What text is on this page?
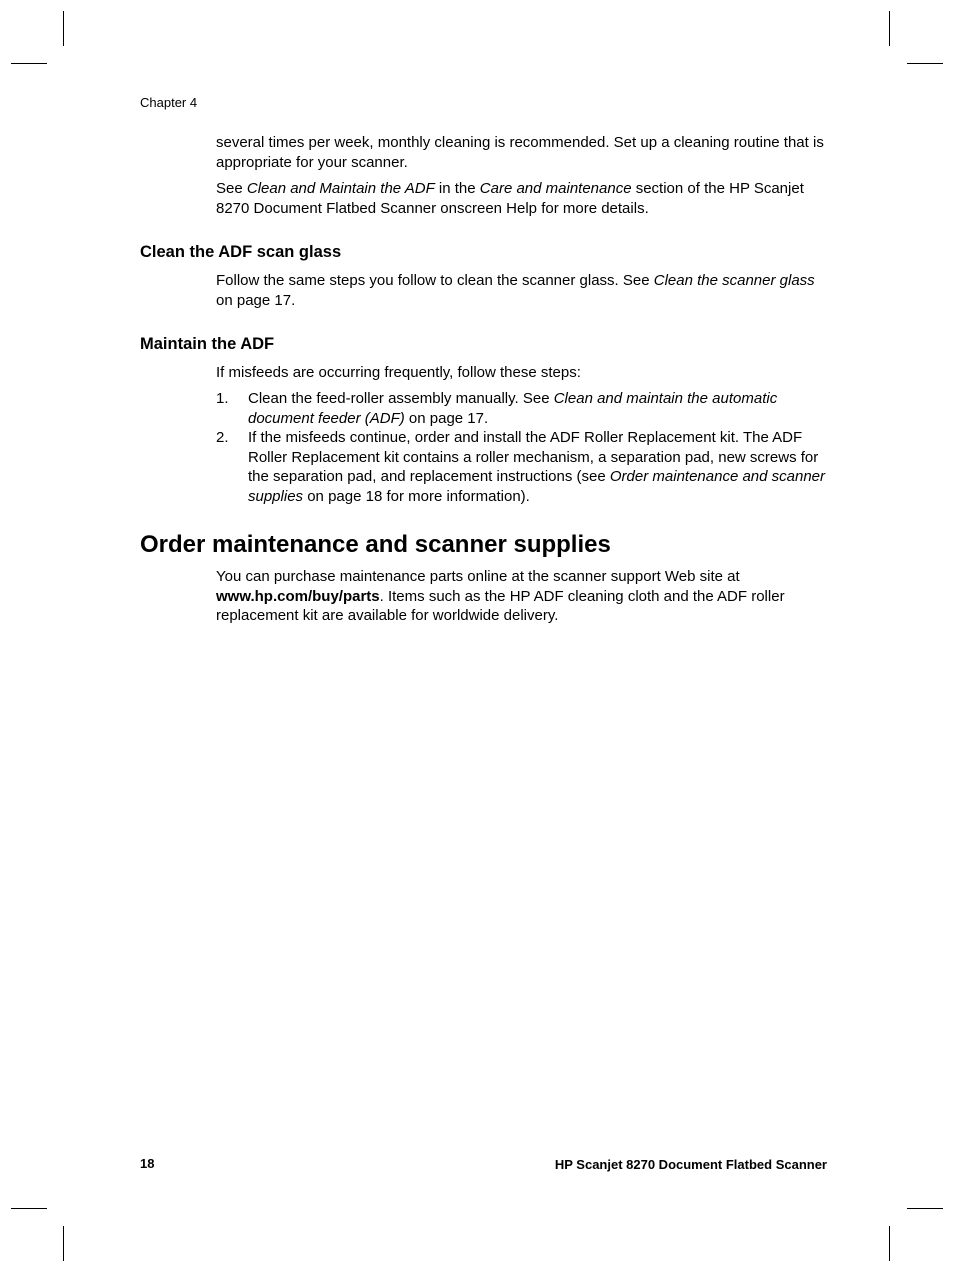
Chapter 4

several times per week, monthly cleaning is recommended. Set up a cleaning routine that is appropriate for your scanner.

See Clean and Maintain the ADF in the Care and maintenance section of the HP Scanjet 8270 Document Flatbed Scanner onscreen Help for more details.

Clean the ADF scan glass

Follow the same steps you follow to clean the scanner glass. See Clean the scanner glass on page 17.

Maintain the ADF

If misfeeds are occurring frequently, follow these steps:

1. Clean the feed-roller assembly manually. See Clean and maintain the automatic document feeder (ADF) on page 17.
2. If the misfeeds continue, order and install the ADF Roller Replacement kit. The ADF Roller Replacement kit contains a roller mechanism, a separation pad, new screws for the separation pad, and replacement instructions (see Order maintenance and scanner supplies on page 18 for more information).
Order maintenance and scanner supplies

You can purchase maintenance parts online at the scanner support Web site at www.hp.com/buy/parts. Items such as the HP ADF cleaning cloth and the ADF roller replacement kit are available for worldwide delivery.

18	HP Scanjet 8270 Document Flatbed Scanner
